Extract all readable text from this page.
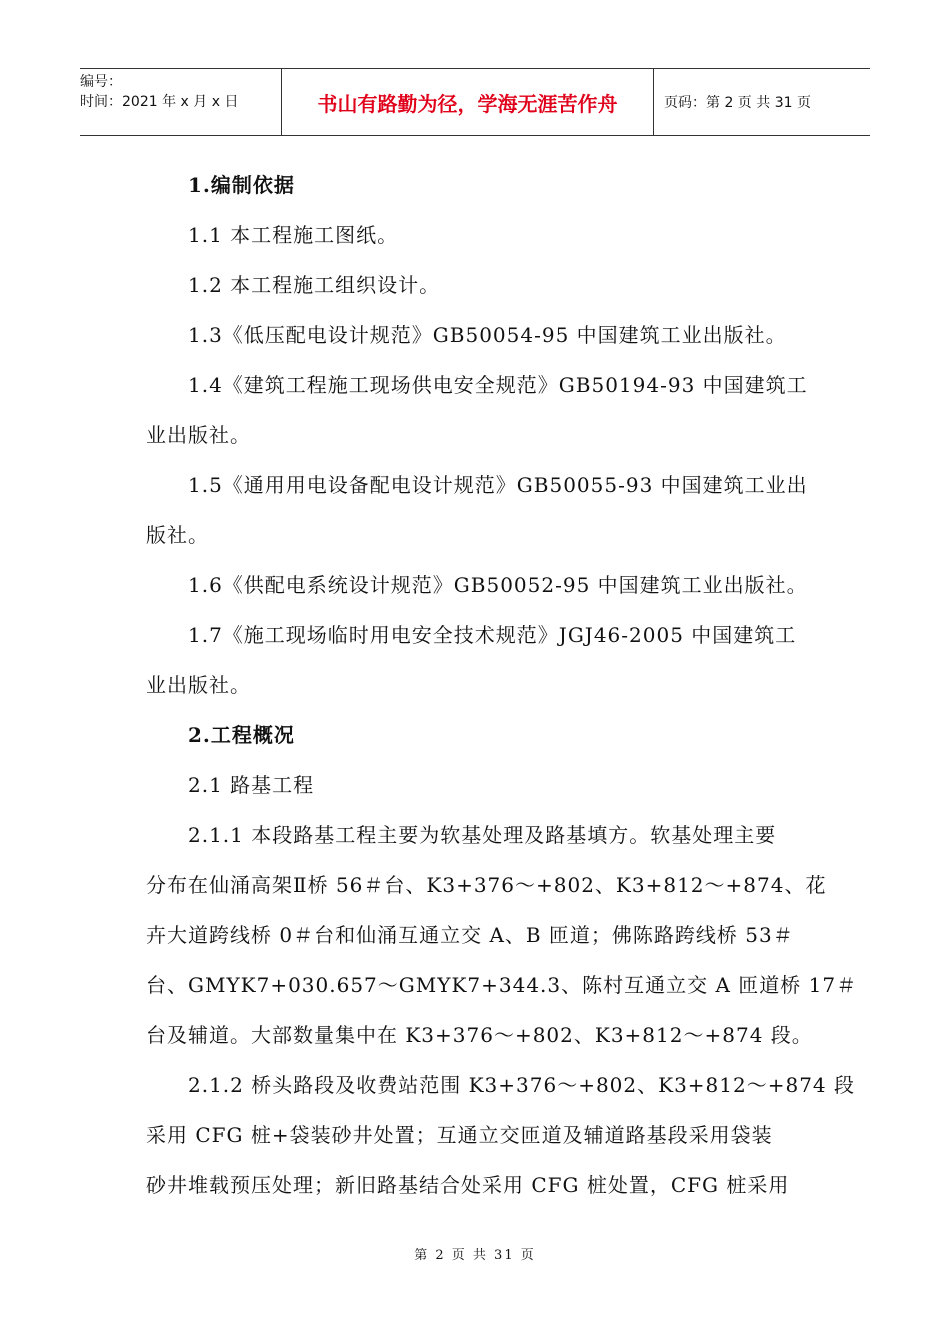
编号：
时间：2021 年 x 月 x 日	书山有路勤为径，学海无涯苦作舟	页码：第 2 页 共 31 页
1.编制依据
1.1 本工程施工图纸。
1.2 本工程施工组织设计。
1.3《低压配电设计规范》GB50054-95 中国建筑工业出版社。
1.4《建筑工程施工现场供电安全规范》GB50194-93 中国建筑工
业出版社。
1.5《通用用电设备配电设计规范》GB50055-93 中国建筑工业出
版社。
1.6《供配电系统设计规范》GB50052-95 中国建筑工业出版社。
1.7《施工现场临时用电安全技术规范》JGJ46-2005 中国建筑工
业出版社。
2.工程概况
2.1 路基工程
2.1.1 本段路基工程主要为软基处理及路基填方。软基处理主要
分布在仙涌高架Ⅱ桥 56＃台、K3+376～+802、K3+812～+874、花
卉大道跨线桥 0＃台和仙涌互通立交 A、B 匝道；佛陈路跨线桥 53＃
台、GMYK7+030.657～GMYK7+344.3、陈村互通立交 A 匝道桥 17＃
台及辅道。大部数量集中在 K3+376～+802、K3+812～+874 段。
2.1.2 桥头路段及收费站范围 K3+376～+802、K3+812～+874 段
采用 CFG 桩+袋装砂井处置；互通立交匝道及辅道路基段采用袋装
砂井堆载预压处理；新旧路基结合处采用 CFG 桩处置，CFG 桩采用
第 2 页 共 31 页
